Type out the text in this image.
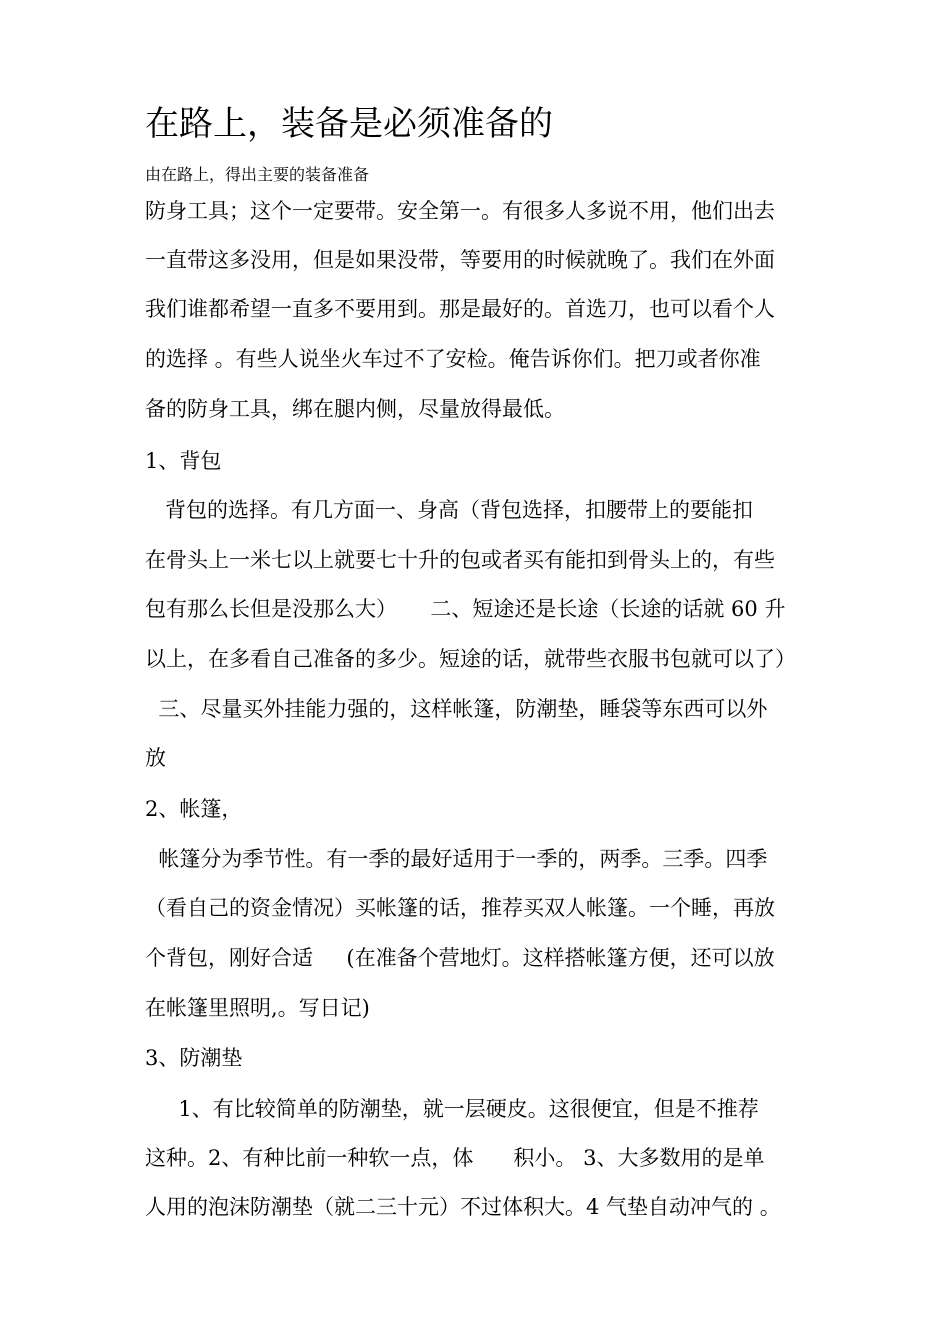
在路上，装备是必须准备的
由在路上，得出主要的装备准备
防身工具；这个一定要带。安全第一。有很多人多说不用，他们出去
一直带这多没用，但是如果没带，等要用的时候就晚了。我们在外面
我们谁都希望一直多不要用到。那是最好的。首选刀，也可以看个人
的选择 。有些人说坐火车过不了安检。俺告诉你们。把刀或者你准
备的防身工具，绑在腿内侧，尽量放得最低。
1、背包
背包的选择。有几方面一、身高（背包选择，扣腰带上的要能扣
在骨头上一米七以上就要七十升的包或者买有能扣到骨头上的，有些
包有那么长但是没那么大）     二、短途还是长途（长途的话就 60 升
以上，在多看自己准备的多少。短途的话，就带些衣服书包就可以了）
三、尽量买外挂能力强的，这样帐篷，防潮垫，睡袋等东西可以外
放
2、帐篷，
帐篷分为季节性。有一季的最好适用于一季的，两季。三季。四季
（看自己的资金情况）买帐篷的话，推荐买双人帐篷。一个睡，再放
个背包，刚好合适     (在准备个营地灯。这样搭帐篷方便，还可以放
在帐篷里照明,。写日记)
3、防潮垫
1、有比较简单的防潮垫，就一层硬皮。这很便宜，但是不推荐
这种。2、有种比前一种软一点，体      积小。 3、大多数用的是单
人用的泡沫防潮垫（就二三十元）不过体积大。4 气垫自动冲气的 。
